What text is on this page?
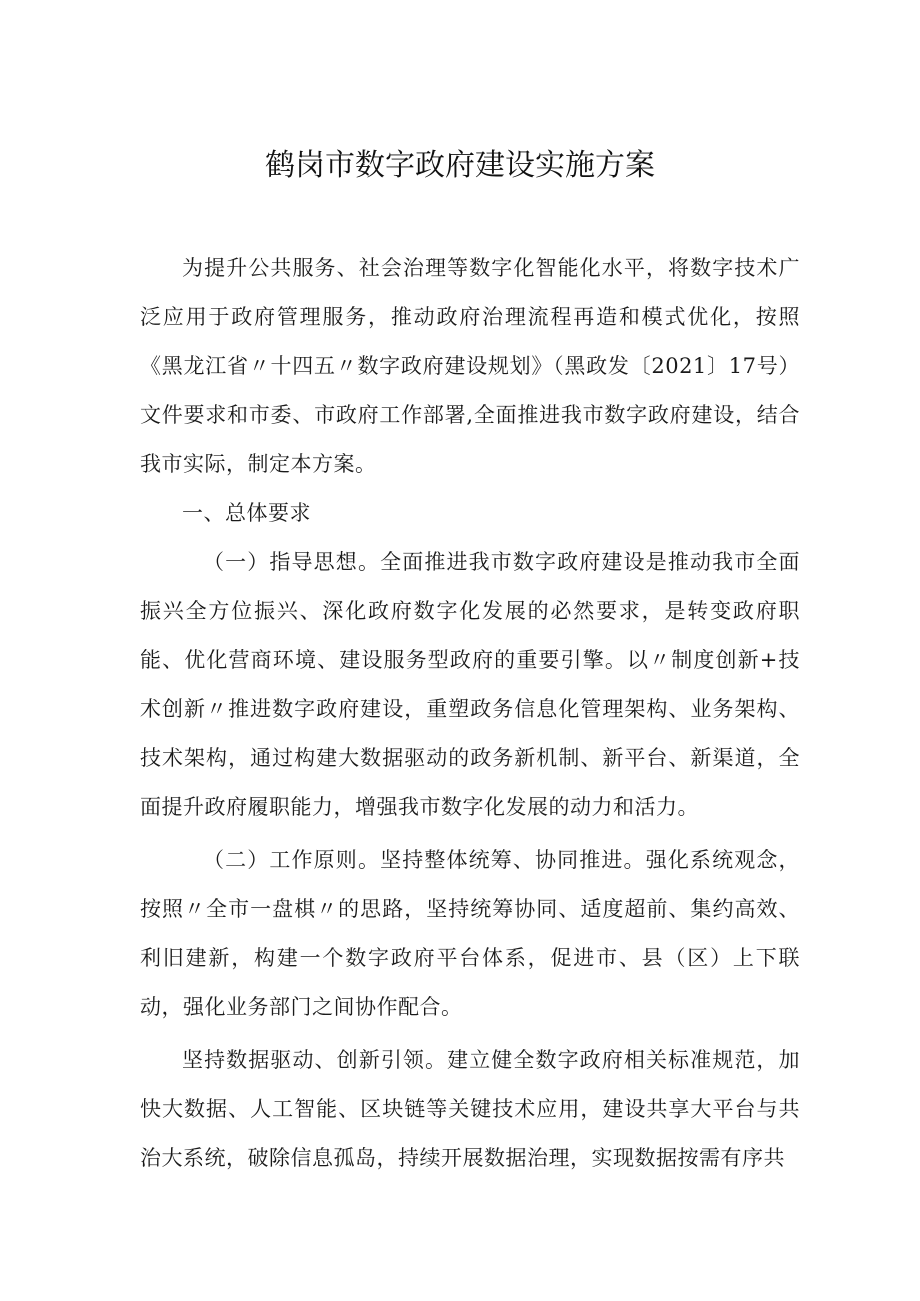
鹤岗市数字政府建设实施方案

为提升公共服务、社会治理等数字化智能化水平，将数字技术广泛应用于政府管理服务，推动政府治理流程再造和模式优化，按照《黑龙江省〃十四五〃数字政府建设规划》（黑政发〔2021〕17号）文件要求和市委、市政府工作部署,全面推进我市数字政府建设，结合我市实际，制定本方案。

一、总体要求

（一）指导思想。全面推进我市数字政府建设是推动我市全面振兴全方位振兴、深化政府数字化发展的必然要求，是转变政府职能、优化营商环境、建设服务型政府的重要引擎。以〃制度创新+技术创新〃推进数字政府建设，重塑政务信息化管理架构、业务架构、技术架构，通过构建大数据驱动的政务新机制、新平台、新渠道，全面提升政府履职能力，增强我市数字化发展的动力和活力。

（二）工作原则。坚持整体统筹、协同推进。强化系统观念，按照〃全市一盘棋〃的思路，坚持统筹协同、适度超前、集约高效、利旧建新，构建一个数字政府平台体系，促进市、县（区）上下联动，强化业务部门之间协作配合。

坚持数据驱动、创新引领。建立健全数字政府相关标准规范，加快大数据、人工智能、区块链等关键技术应用，建设共享大平台与共治大系统，破除信息孤岛，持续开展数据治理，实现数据按需有序共
